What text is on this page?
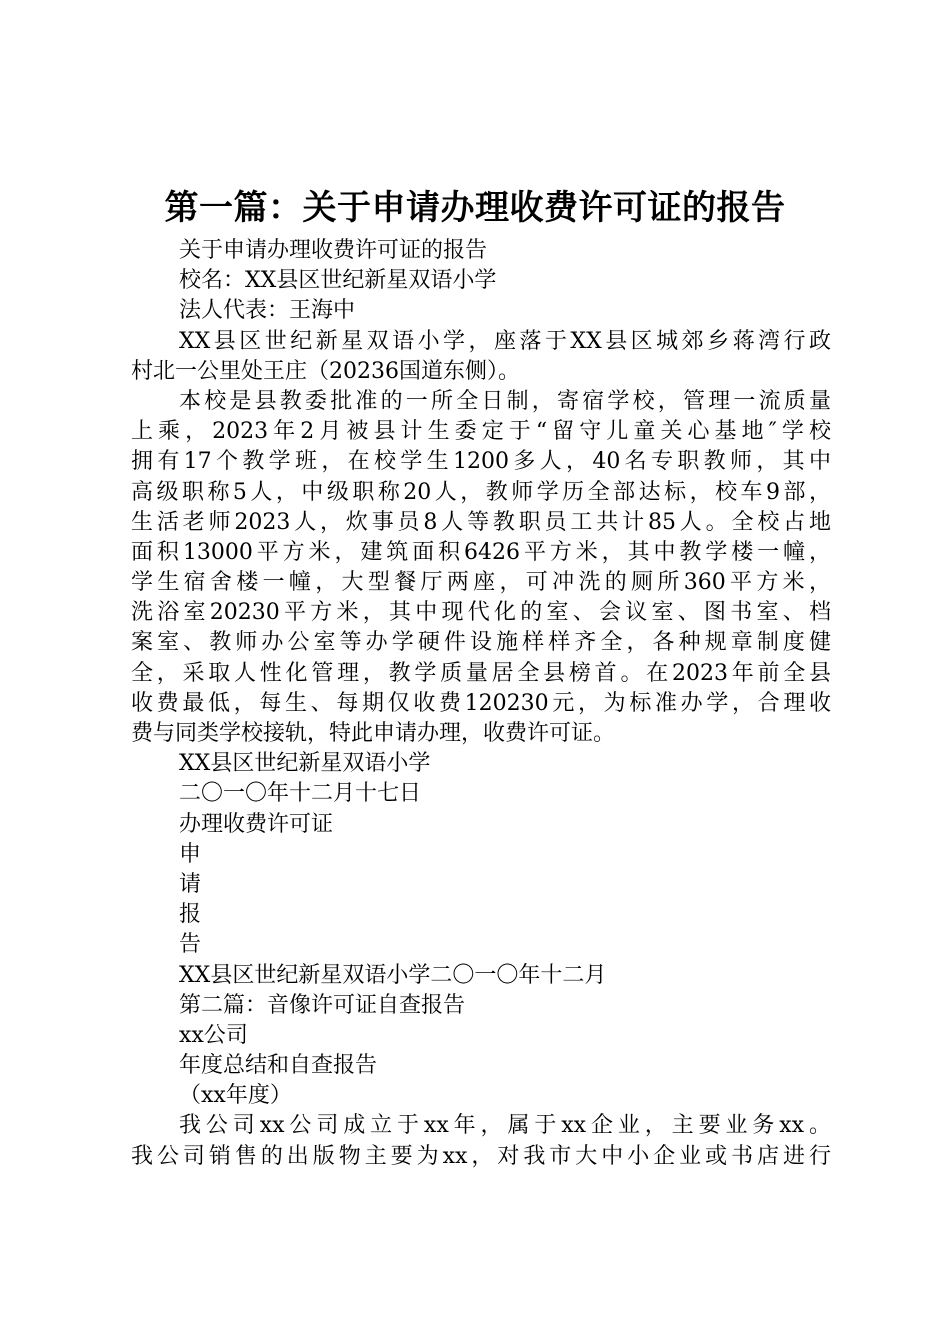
第一篇：关于申请办理收费许可证的报告
关于申请办理收费许可证的报告
校名：XX县区世纪新星双语小学
法人代表：王海中
XX县区世纪新星双语小学，座落于XX县区城郊乡蒋湾行政
村北一公里处王庄（20236国道东侧）。
本校是县教委批准的一所全日制，寄宿学校，管理一流质量
上乘，2023年2月被县计生委定于“留守儿童关心基地″学校
拥有17个教学班，在校学生1200多人，40名专职教师，其中
高级职称5人，中级职称20人，教师学历全部达标，校车9部，
生活老师2023人，炊事员8人等教职员工共计85人。全校占地
面积13000平方米，建筑面积6426平方米，其中教学楼一幢，
学生宿舍楼一幢，大型餐厅两座，可冲洗的厕所360平方米，
洗浴室20230平方米，其中现代化的室、会议室、图书室、档
案室、教师办公室等办学硬件设施样样齐全，各种规章制度健
全，采取人性化管理，教学质量居全县榜首。在2023年前全县
收费最低，每生、每期仅收费120230元，为标准办学，合理收
费与同类学校接轨，特此申请办理，收费许可证。
XX县区世纪新星双语小学
二〇一〇年十二月十七日
办理收费许可证
申
请
报
告
XX县区世纪新星双语小学二〇一〇年十二月
第二篇：音像许可证自查报告
xx公司
年度总结和自查报告
（xx年度）
我公司xx公司成立于xx年，属于xx企业，主要业务xx。
我公司销售的出版物主要为xx，对我市大中小企业或书店进行
